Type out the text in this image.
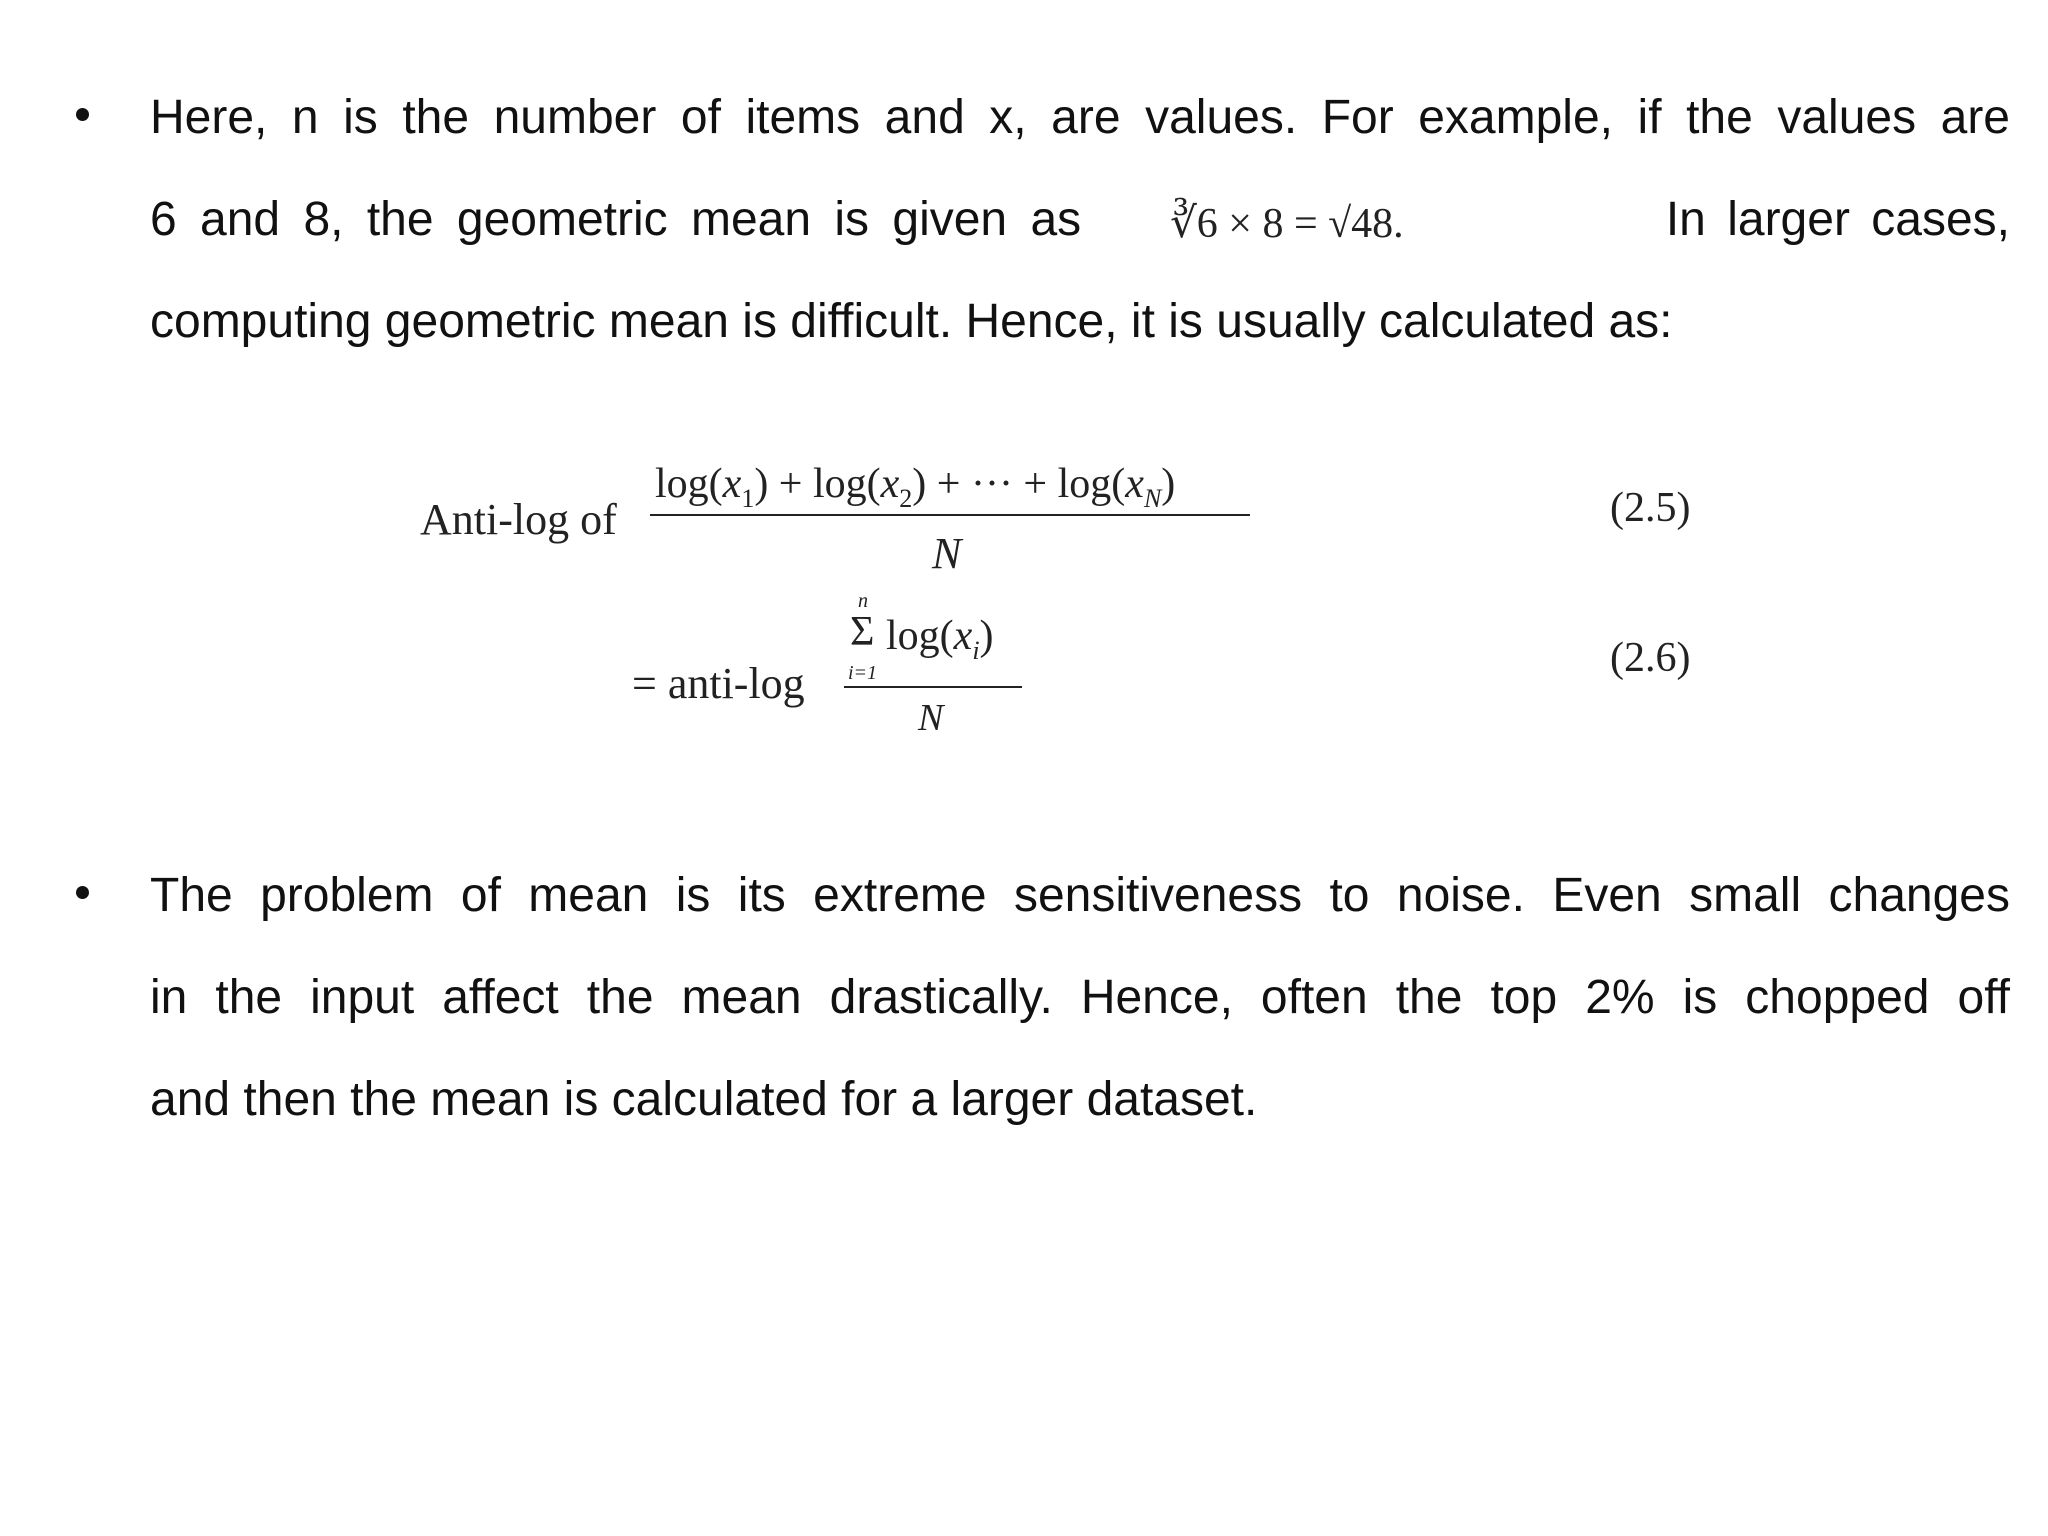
Here, n is the number of items and x, are values. For example, if the values are
6 and 8, the geometric mean is given as ∛6 × 8 = √48.	In larger cases,
computing geometric mean is difficult. Hence, it is usually calculated as:
Anti-log of
$\log(x_1) + \log(x_2)$ + ··· + $\log(x_N)$
N
(2.5)
= anti-log
n
Σ
i=1
$\log(x_i)$
N
(2.6)
The problem of mean is its extreme sensitiveness to noise. Even small changes
in the input affect the mean drastically. Hence, often the top 2% is chopped off
and then the mean is calculated for a larger dataset.
